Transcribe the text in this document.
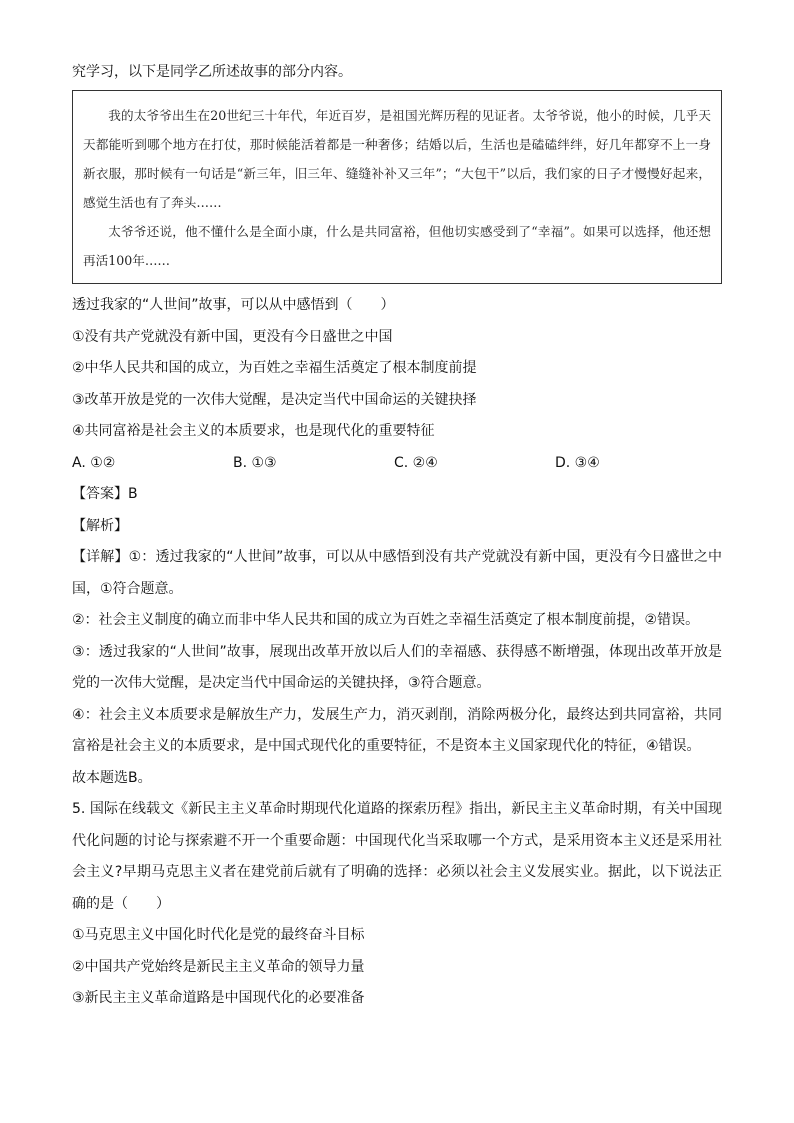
究学习，以下是同学乙所述故事的部分内容。

我的太爷爷出生在20世纪三十年代，年近百岁，是祖国光辉历程的见证者。太爷爷说，他小的时候，几乎天天都能听到哪个地方在打仗，那时候能活着都是一种奢侈；结婚以后，生活也是磕磕绊绊，好几年都穿不上一身新衣服，那时候有一句话是“新三年，旧三年、缝缝补补又三年”；“大包干”以后，我们家的日子才慢慢好起来，感觉生活也有了奔头……

太爷爷还说，他不懂什么是全面小康，什么是共同富裕，但他切实感受到了“幸福”。如果可以选择，他还想再活100年……

透过我家的“人世间”故事，可以从中感悟到（　　）
①没有共产党就没有新中国，更没有今日盛世之中国
②中华人民共和国的成立，为百姓之幸福生活奠定了根本制度前提
③改革开放是党的一次伟大觉醒，是决定当代中国命运的关键抉择
④共同富裕是社会主义的本质要求，也是现代化的重要特征
A. ①②	B. ①③	C. ②④	D. ③④
【答案】B
【解析】
【详解】①：透过我家的“人世间”故事，可以从中感悟到没有共产党就没有新中国，更没有今日盛世之中国，①符合题意。
②：社会主义制度的确立而非中华人民共和国的成立为百姓之幸福生活奠定了根本制度前提，②错误。
③：透过我家的“人世间”故事，展现出改革开放以后人们的幸福感、获得感不断增强，体现出改革开放是党的一次伟大觉醒，是决定当代中国命运的关键抉择，③符合题意。
④：社会主义本质要求是解放生产力，发展生产力，消灭剥削，消除两极分化，最终达到共同富裕，共同富裕是社会主义的本质要求，是中国式现代化的重要特征，不是资本主义国家现代化的特征，④错误。
故本题选B。
5. 国际在线载文《新民主主义革命时期现代化道路的探索历程》指出，新民主主义革命时期，有关中国现代化问题的讨论与探索避不开一个重要命题：中国现代化当采取哪一个方式，是采用资本主义还是采用社会主义?早期马克思主义者在建党前后就有了明确的选择：必须以社会主义发展实业。据此，以下说法正确的是（　　）
①马克思主义中国化时代化是党的最终奋斗目标
②中国共产党始终是新民主主义革命的领导力量
③新民主主义革命道路是中国现代化的必要准备
